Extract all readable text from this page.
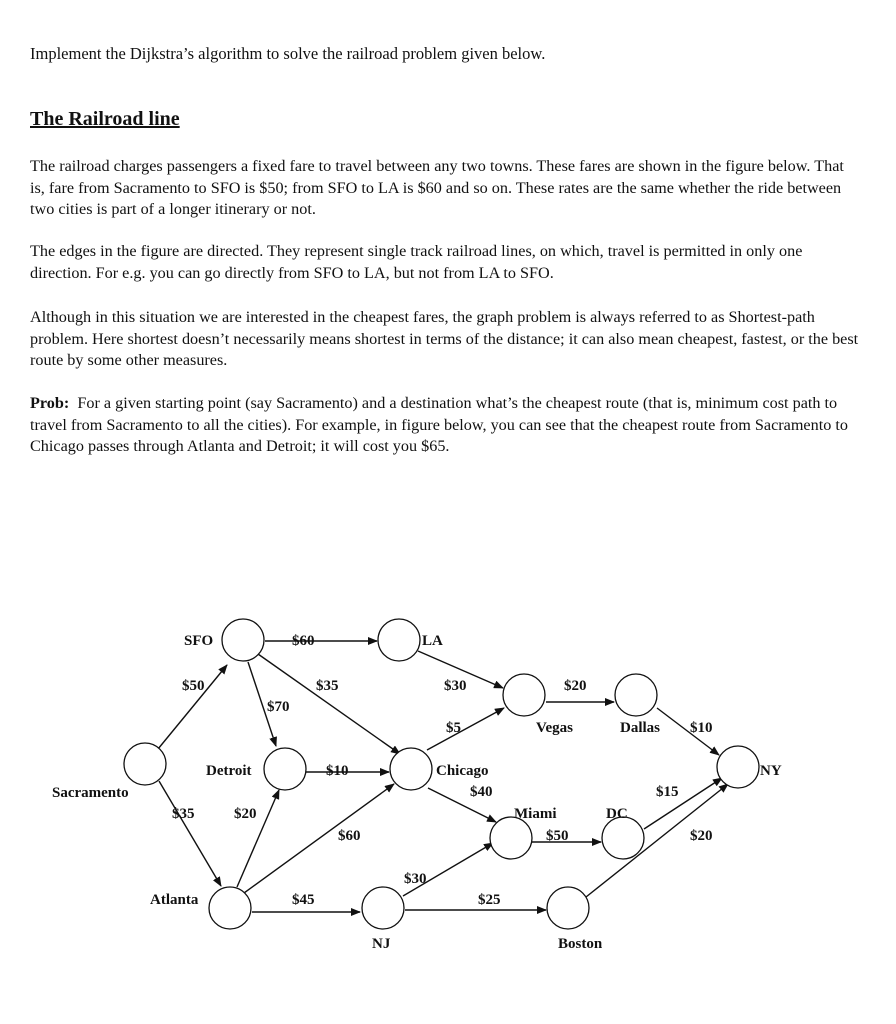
Implement the Dijkstra’s algorithm to solve the railroad problem given below.

The Railroad line

The railroad charges passengers a fixed fare to travel between any two towns. These fares are shown in the figure below. That is, fare from Sacramento to SFO is $50; from SFO to LA is $60 and so on. These rates are the same whether the ride between two cities is part of a longer itinerary or not.

The edges in the figure are directed. They represent single track railroad lines, on which, travel is permitted in only one direction. For e.g. you can go directly from SFO to LA, but not from LA to SFO.

Although in this situation we are interested in the cheapest fares, the graph problem is always referred to as Shortest-path problem. Here shortest doesn’t necessarily means shortest in terms of the distance; it can also mean cheapest, fastest, or the best route by some other measures.

Prob: For a given starting point (say Sacramento) and a destination what’s the cheapest route (that is, minimum cost path to travel from Sacramento to all the cities). For example, in figure below, you can see that the cheapest route from Sacramento to Chicago passes through Atlanta and Detroit; it will cost you $65.

SFO	LA
Vegas	Dallas
NY
Sacramento
Detroit	Chicago
Miami	DC
Atlanta
NJ	Boston
$50
$60
$35
$70
$30	$20
$10
$5
$10
$40
$35	$20
$60
$45
$30
$50
$15
$25
$20
